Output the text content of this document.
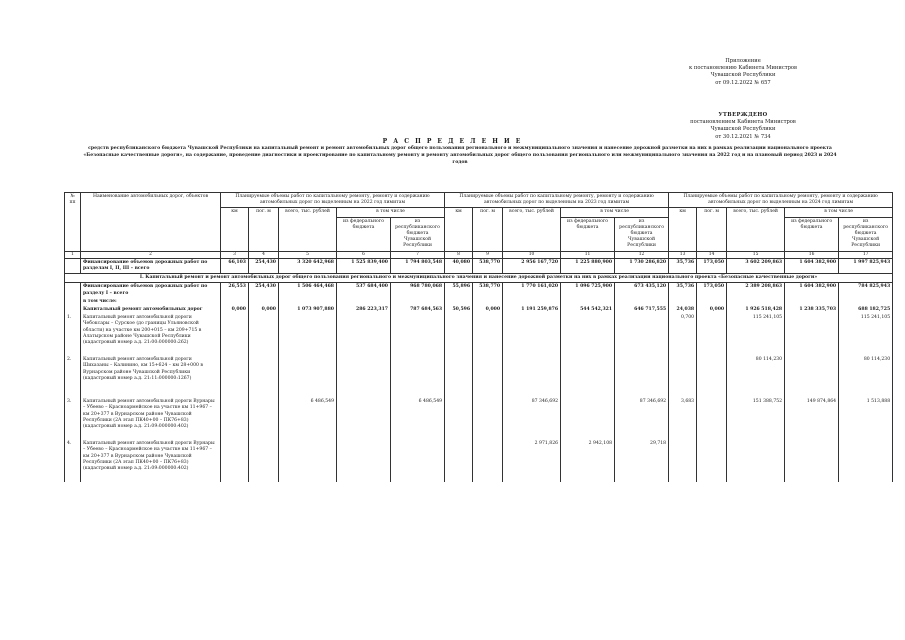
Приложение
к постановлению Кабинета Министров
Чувашской Республики
от 09.12.2022 № 657
УТВЕРЖДЕНО
постановлением Кабинета Министров
Чувашской Республики
от 30.12.2021 № 734
Р А С П Р Е Д Е Л Е Н И Е
средств республиканского бюджета Чувашской Республики на капитальный ремонт и ремонт автомобильных дорог общего пользования регионального и межмуниципального значения и нанесение дорожной разметки на них в рамках реализации национального проекта «Безопасные качественные дороги», на содержание, проведение диагностики и проектирование по капитальному ремонту и ремонту автомобильных дорог общего пользования регионального или межмуниципального значения на 2022 год и на плановый период 2023 и 2024 годов
№ пп	Наименование автомобильных дорог, объектов	Планируемые объемы работ по капитальному ремонту, ремонту и содержанию автомобильных дорог по выделенным на 2022 год лимитам					Планируемые объемы работ по капитальному ремонту, ремонту и содержанию автомобильных дорог по выделенным на 2023 год лимитам					Планируемые объемы работ по капитальному ремонту, ремонту и содержанию автомобильных дорог по выделенным на 2024 год лимитам				
		км	пог. м	всего, тыс. рублей	в том числе		км	пог. м	всего, тыс. рублей	в том числе		км	пог. м	всего, тыс. рублей	в том числе	
					из федерального бюджета	из республиканского бюджета Чувашской Республики				из федерального бюджета	из республиканского бюджета Чувашской Республики				из федерального бюджета	из республиканского бюджета Чувашской Республики
1	2	3	4	5	6	7	8	9	10	11	12	13	14	15	16	17
	Финансирование объемов дорожных работ по разделам I, II, III – всего	66,103	254,430	3 320 642,968	1 525 839,400	1 794 803,548	40,080	538,770	2 956 167,720	1 225 880,900	1 730 286,820	35,736	173,050	3 602 209,863	1 604 382,900	1 997 825,943
I. Капитальный ремонт и ремонт автомобильных дорог общего пользования регионального и межмуниципального значения и нанесение дорожной разметки на них в рамках реализации национального проекта «Безопасные качественные дороги»																
	Финансирование объемов дорожных работ по разделу I – всего	26,553	254,430	1 506 464,468	537 684,400	968 780,068	55,896	538,770	1 770 161,020	1 096 725,900	673 435,120	35,736	173,050	2 389 208,863	1 604 382,900	784 825,943
	в том числе:															
	Капитальный ремонт автомобильных дорог	0,000	0,000	1 073 907,880	286 223,317	787 684,563	50,596	0,000	1 191 259,876	544 542,321	646 717,555	24,038	0,000	1 926 518,428	1 238 335,703	688 182,725
1.	Капитальный ремонт автомобильной дороги Чебоксары – Сурское (до границы Ульяновской области) на участке км 200+015 – км 209+715 в Алатырском районе Чувашской Республики (кадастровый номер а.д. 21:00:000000:262)											0,700		115 241,105		115 241,105
2.	Капитальный ремонт автомобильной дороги Шихазаны – Калинино, км 15+624 – км 28+000 в Вурнарском районе Чувашской Республики (кадастровый номер а.д. 21:11:000000:1267)													80 114,230		80 114,230
3.	Капитальный ремонт автомобильной дороги Вурнары – Убеево – Красноармейское на участке км 11+967 – км 20+377 в Вурнарском районе Чувашской Республики (2А этап ПК40+00 – ПК76+83) (кадастровый номер а.д. 21:09:000000:402)			6 486,549		6 486,549			87 346,692		87 346,692	3,683		151 388,752	149 874,864	1 513,888
4.	Капитальный ремонт автомобильной дороги Вурнары – Убеево – Красноармейское на участке км 11+967 – км 20+377 в Вурнарском районе Чувашской Республики (2А этап ПК40+00 – ПК76+83) (кадастровый номер а.д. 21:09:000000:402)								2 971,826	2 942,108	29,718					
